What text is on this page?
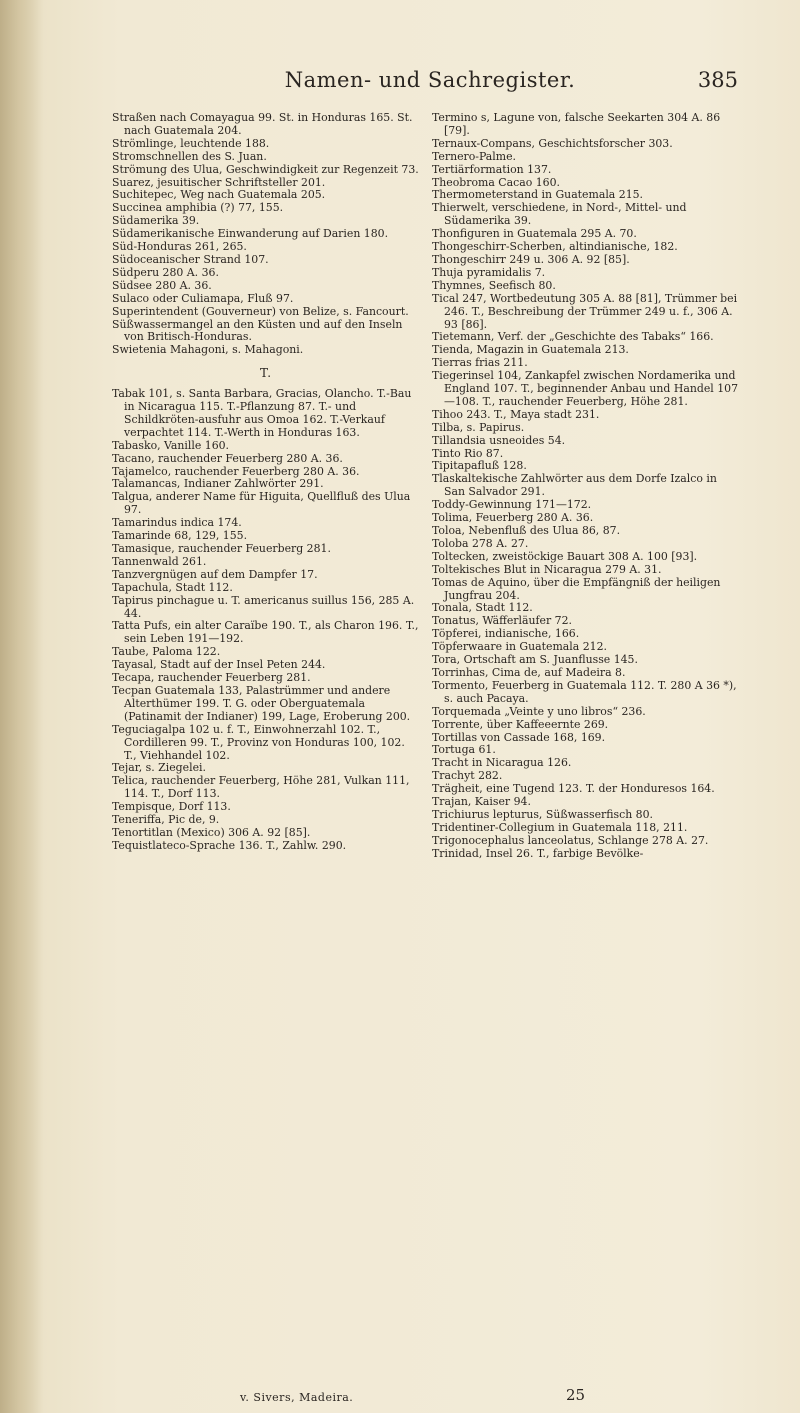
Namen- und Sachregister.	385

Straßen nach Comayagua 99. St. in Honduras 165. St. nach Guatemala 204.

Strömlinge, leuchtende 188.

Stromschnellen des S. Juan.

Strömung des Ulua, Geschwindigkeit zur Regenzeit 73.

Suarez, jesuitischer Schriftsteller 201.

Suchitepec, Weg nach Guatemala 205.

Succinea amphibia (?) 77, 155.

Südamerika 39.

Südamerikanische Einwanderung auf Darien 180.

Süd-Honduras 261, 265.

Südoceanischer Strand 107.

Südperu 280 A. 36.

Südsee 280 A. 36.

Sulaco oder Culiamapa, Fluß 97.

Superintendent (Gouverneur) von Belize, s. Fancourt.

Süßwassermangel an den Küsten und auf den Inseln von Britisch-Honduras.

Swietenia Mahagoni, s. Mahagoni.

T.

Tabak 101, s. Santa Barbara, Gracias, Olancho. T.-Bau in Nicaragua 115. T.-Pflanzung 87. T.- und Schildkröten-ausfuhr aus Omoa 162. T.-Verkauf verpachtet 114. T.-Werth in Honduras 163.

Tabasko, Vanille 160.

Tacano, rauchender Feuerberg 280 A. 36.

Tajamelco, rauchender Feuerberg 280 A. 36.

Talamancas, Indianer Zahlwörter 291.

Talgua, anderer Name für Higuita, Quellfluß des Ulua 97.

Tamarindus indica 174.

Tamarinde 68, 129, 155.

Tamasique, rauchender Feuerberg 281.

Tannenwald 261.

Tanzvergnügen auf dem Dampfer 17.

Tapachula, Stadt 112.

Tapirus pinchague u. T. americanus suillus 156, 285 A. 44.

Tatta Pufs, ein alter Caraïbe 190. T., als Charon 196. T., sein Leben 191—192.

Taube, Paloma 122.

Tayasal, Stadt auf der Insel Peten 244.

Tecapa, rauchender Feuerberg 281.

Tecpan Guatemala 133, Palastrümmer und andere Alterthümer 199. T. G. oder Oberguatemala (Patinamit der Indianer) 199, Lage, Eroberung 200.

Teguciagalpa 102 u. f. T., Einwohnerzahl 102. T., Cordilleren 99. T., Provinz von Honduras 100, 102. T., Viehhandel 102.

Tejar, s. Ziegelei.

Telica, rauchender Feuerberg, Höhe 281, Vulkan 111, 114. T., Dorf 113.

Tempisque, Dorf 113.

Teneriffa, Pic de, 9.

Tenortitlan (Mexico) 306 A. 92 [85].

Tequistlateco-Sprache 136. T., Zahlw. 290.

Termino s, Lagune von, falsche Seekarten 304 A. 86 [79].

Ternaux-Compans, Geschichtsforscher 303.

Ternero-Palme.

Tertiärformation 137.

Theobroma Cacao 160.

Thermometerstand in Guatemala 215.

Thierwelt, verschiedene, in Nord-, Mittel- und Südamerika 39.

Thonfiguren in Guatemala 295 A. 70.

Thongeschirr-Scherben, altindianische, 182.

Thongeschirr 249 u. 306 A. 92 [85].

Thuja pyramidalis 7.

Thymnes, Seefisch 80.

Tical 247, Wortbedeutung 305 A. 88 [81], Trümmer bei 246. T., Beschreibung der Trümmer 249 u. f., 306 A. 93 [86].

Tietemann, Verf. der „Geschichte des Tabaks“ 166.

Tienda, Magazin in Guatemala 213.

Tierras frias 211.

Tiegerinsel 104, Zankapfel zwischen Nordamerika und England 107. T., beginnender Anbau und Handel 107—108. T., rauchender Feuerberg, Höhe 281.

Tihoo 243. T., Maya stadt 231.

Tilba, s. Papirus.

Tillandsia usneoides 54.

Tinto Rio 87.

Tipitapafluß 128.

Tlaskaltekische Zahlwörter aus dem Dorfe Izalco in San Salvador 291.

Toddy-Gewinnung 171—172.

Tolima, Feuerberg 280 A. 36.

Toloa, Nebenfluß des Ulua 86, 87.

Toloba 278 A. 27.

Toltecken, zweistöckige Bauart 308 A. 100 [93].

Toltekisches Blut in Nicaragua 279 A. 31.

Tomas de Aquino, über die Empfängniß der heiligen Jungfrau 204.

Tonala, Stadt 112.

Tonatus, Wäfferläufer 72.

Töpferei, indianische, 166.

Töpferwaare in Guatemala 212.

Tora, Ortschaft am S. Juanflusse 145.

Torrinhas, Cima de, auf Madeira 8.

Tormento, Feuerberg in Guatemala 112. T. 280 A 36 *), s. auch Pacaya.

Torquemada „Veinte y uno libros“ 236.

Torrente, über Kaffeeernte 269.

Tortillas von Cassade 168, 169.

Tortuga 61.

Tracht in Nicaragua 126.

Trachyt 282.

Trägheit, eine Tugend 123. T. der Honduresos 164.

Trajan, Kaiser 94.

Trichiurus lepturus, Süßwasserfisch 80.

Tridentiner-Collegium in Guatemala 118, 211.

Trigonocephalus lanceolatus, Schlange 278 A. 27.

Trinidad, Insel 26. T., farbige Bevölke-

v. Sivers, Madeira.	25
